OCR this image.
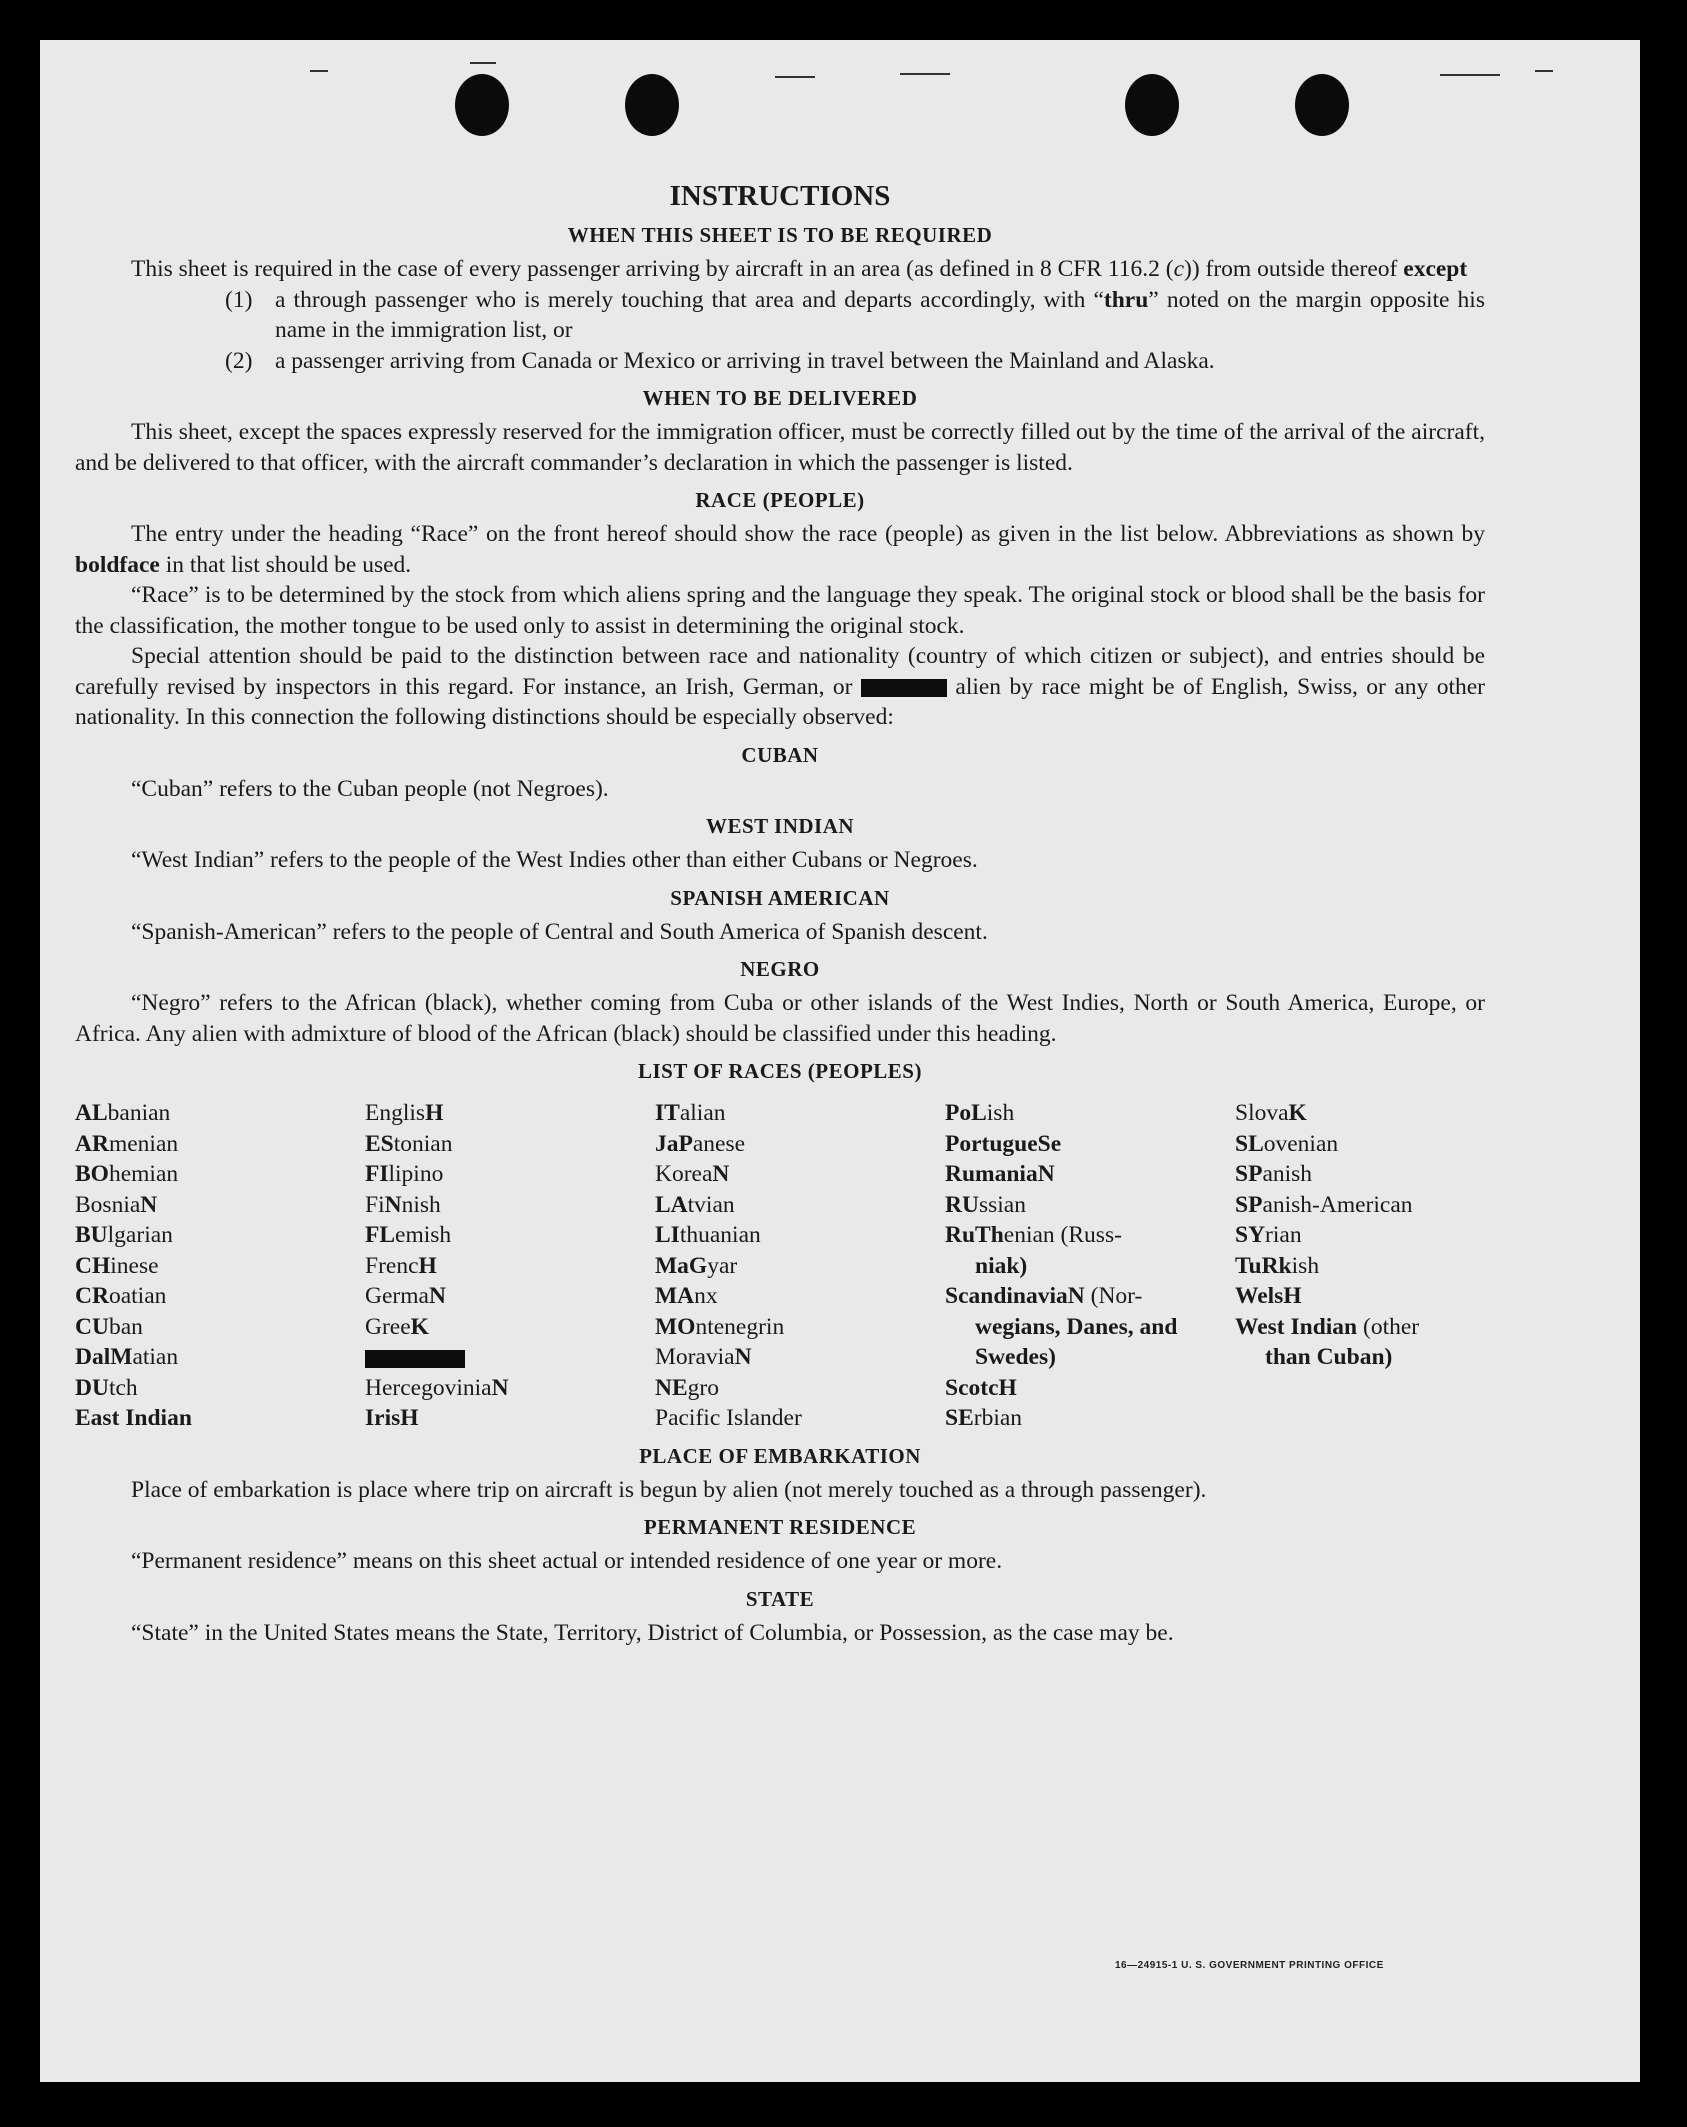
INSTRUCTIONS
WHEN THIS SHEET IS TO BE REQUIRED

This sheet is required in the case of every passenger arriving by aircraft in an area (as defined in 8 CFR 116.2 (c)) from outside thereof except

(1) a through passenger who is merely touching that area and departs accordingly, with “thru” noted on the margin opposite his name in the immigration list, or
(2) a passenger arriving from Canada or Mexico or arriving in travel between the Mainland and Alaska.
WHEN TO BE DELIVERED

This sheet, except the spaces expressly reserved for the immigration officer, must be correctly filled out by the time of the arrival of the aircraft, and be delivered to that officer, with the aircraft commander’s declaration in which the passenger is listed.

RACE (PEOPLE)

The entry under the heading “Race” on the front hereof should show the race (people) as given in the list below. Abbreviations as shown by boldface in that list should be used.

“Race” is to be determined by the stock from which aliens spring and the language they speak. The original stock or blood shall be the basis for the classification, the mother tongue to be used only to assist in determining the original stock.

Special attention should be paid to the distinction between race and nationality (country of which citizen or subject), and entries should be carefully revised by inspectors in this regard. For instance, an Irish, German, or	alien by race might be of English, Swiss, or any other nationality. In this connection the following distinctions should be especially observed:

CUBAN

“Cuban” refers to the Cuban people (not Negroes).

WEST INDIAN

“West Indian” refers to the people of the West Indies other than either Cubans or Negroes.

SPANISH AMERICAN

“Spanish-American” refers to the people of Central and South America of Spanish descent.

NEGRO

“Negro” refers to the African (black), whether coming from Cuba or other islands of the West Indies, North or South America, Europe, or Africa. Any alien with admixture of blood of the African (black) should be classified under this heading.

LIST OF RACES (PEOPLES)
ALbanian
ARmenian
BOhemian
BosniaN
BUlgarian
CHinese
CRoatian
CUban
DalMatian
DUtch
East Indian
EnglisH
EStonian
FIlipino
FiNnish
FLemish
FrencH
GermaN
GreeK
HercegoviniaN
IrisH
ITalian
JaPanese
KoreaN
LAtvian
LIthuanian
MaGyar
MAnx
MOntenegrin
MoraviaN
NEgro
Pacific Islander
PoLish
PortugueSe
RumaniaN
RUssian
RuThenian (Russ-
niak)
ScandinaviaN (Nor-
wegians, Danes, and Swedes)
ScotcH
SErbian
SlovaK
SLovenian
SPanish
SPanish-American
SYrian
TuRkish
WelsH
West Indian (other
than Cuban)
PLACE OF EMBARKATION

Place of embarkation is place where trip on aircraft is begun by alien (not merely touched as a through passenger).

PERMANENT RESIDENCE

“Permanent residence” means on this sheet actual or intended residence of one year or more.

STATE

“State” in the United States means the State, Territory, District of Columbia, or Possession, as the case may be.

16—24915-1 U. S. GOVERNMENT PRINTING OFFICE
